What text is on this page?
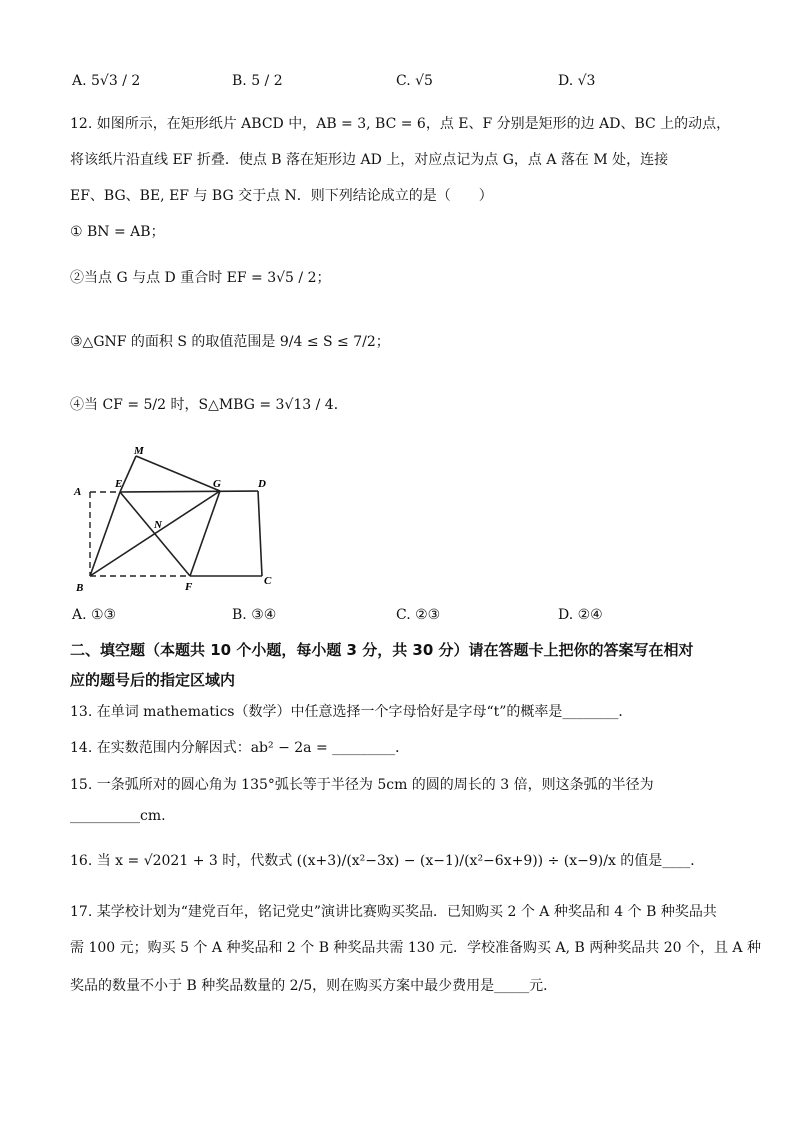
A. 5√3 / 2	B. 5 / 2	C. √5	D. √3
12. 如图所示，在矩形纸片 ABCD 中，AB = 3, BC = 6，点 E、F 分别是矩形的边 AD、BC 上的动点，
将该纸片沿直线 EF 折叠．使点 B 落在矩形边 AD 上，对应点记为点 G，点 A 落在 M 处，连接
EF、BG、BE, EF 与 BG 交于点 N．则下列结论成立的是（　　）
① BN = AB；
②当点 G 与点 D 重合时 EF = 3√5 / 2；
③△GNF 的面积 S 的取值范围是 9/4 ≤ S ≤ 7/2；
④当 CF = 5/2 时，S△MBG = 3√13 / 4．
M
A
E	G	D
N
B	F	C
A. ①③	B. ③④	C. ②③	D. ②④
二、填空题（本题共 10 个小题，每小题 3 分，共 30 分）请在答题卡上把你的答案写在相对
应的题号后的指定区域内
13. 在单词 mathematics（数学）中任意选择一个字母恰好是字母“t”的概率是________．
14. 在实数范围内分解因式：ab² − 2a = _________．
15. 一条弧所对的圆心角为 135°弧长等于半径为 5cm 的圆的周长的 3 倍，则这条弧的半径为
__________cm.
16. 当 x = √2021 + 3 时，代数式 ((x+3)/(x²−3x) − (x−1)/(x²−6x+9)) ÷ (x−9)/x 的值是____．
17. 某学校计划为“建党百年，铭记党史”演讲比赛购买奖品．已知购买 2 个 A 种奖品和 4 个 B 种奖品共
需 100 元；购买 5 个 A 种奖品和 2 个 B 种奖品共需 130 元．学校准备购买 A, B 两种奖品共 20 个，且 A 种
奖品的数量不小于 B 种奖品数量的 2/5，则在购买方案中最少费用是_____元．
